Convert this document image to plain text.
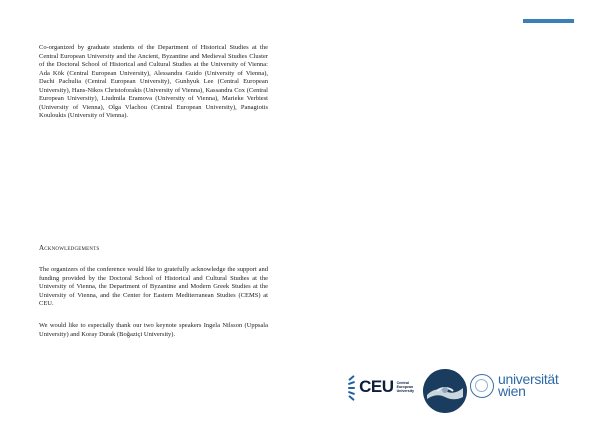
Co-organized by graduate students of the Department of Historical Studies at the Central European University and the Ancient, Byzantine and Medieval Studies Cluster of the Doctoral School of Historical and Cultural Studies at the University of Vienna: Ada Kök (Central European University), Alessandra Guido (University of Vienna), Dachi Pachulia (Central European University), Gunhyuk Lee (Central European University), Hans-Nikos Christoforakis (University of Vienna), Kassandra Cox (Central European University), Liudmila Eramova (University of Vienna), Marieke Verbiest (University of Vienna), Olga Vlachou (Central European University), Panagiotis Kouloukis (University of Vienna).

Acknowledgements

The organizers of the conference would like to gratefully acknowledge the support and funding provided by the Doctoral School of Historical and Cultural Studies at the University of Vienna, the Department of Byzantine and Modern Greek Studies at the University of Vienna, and the Center for Eastern Mediterranean Studies (CEMS) at CEU.

We would like to especially thank our two keynote speakers Ingela Nilsson (Uppsala University) and Koray Durak (Boğaziçi University).

CEU Central European University
universität
wien
